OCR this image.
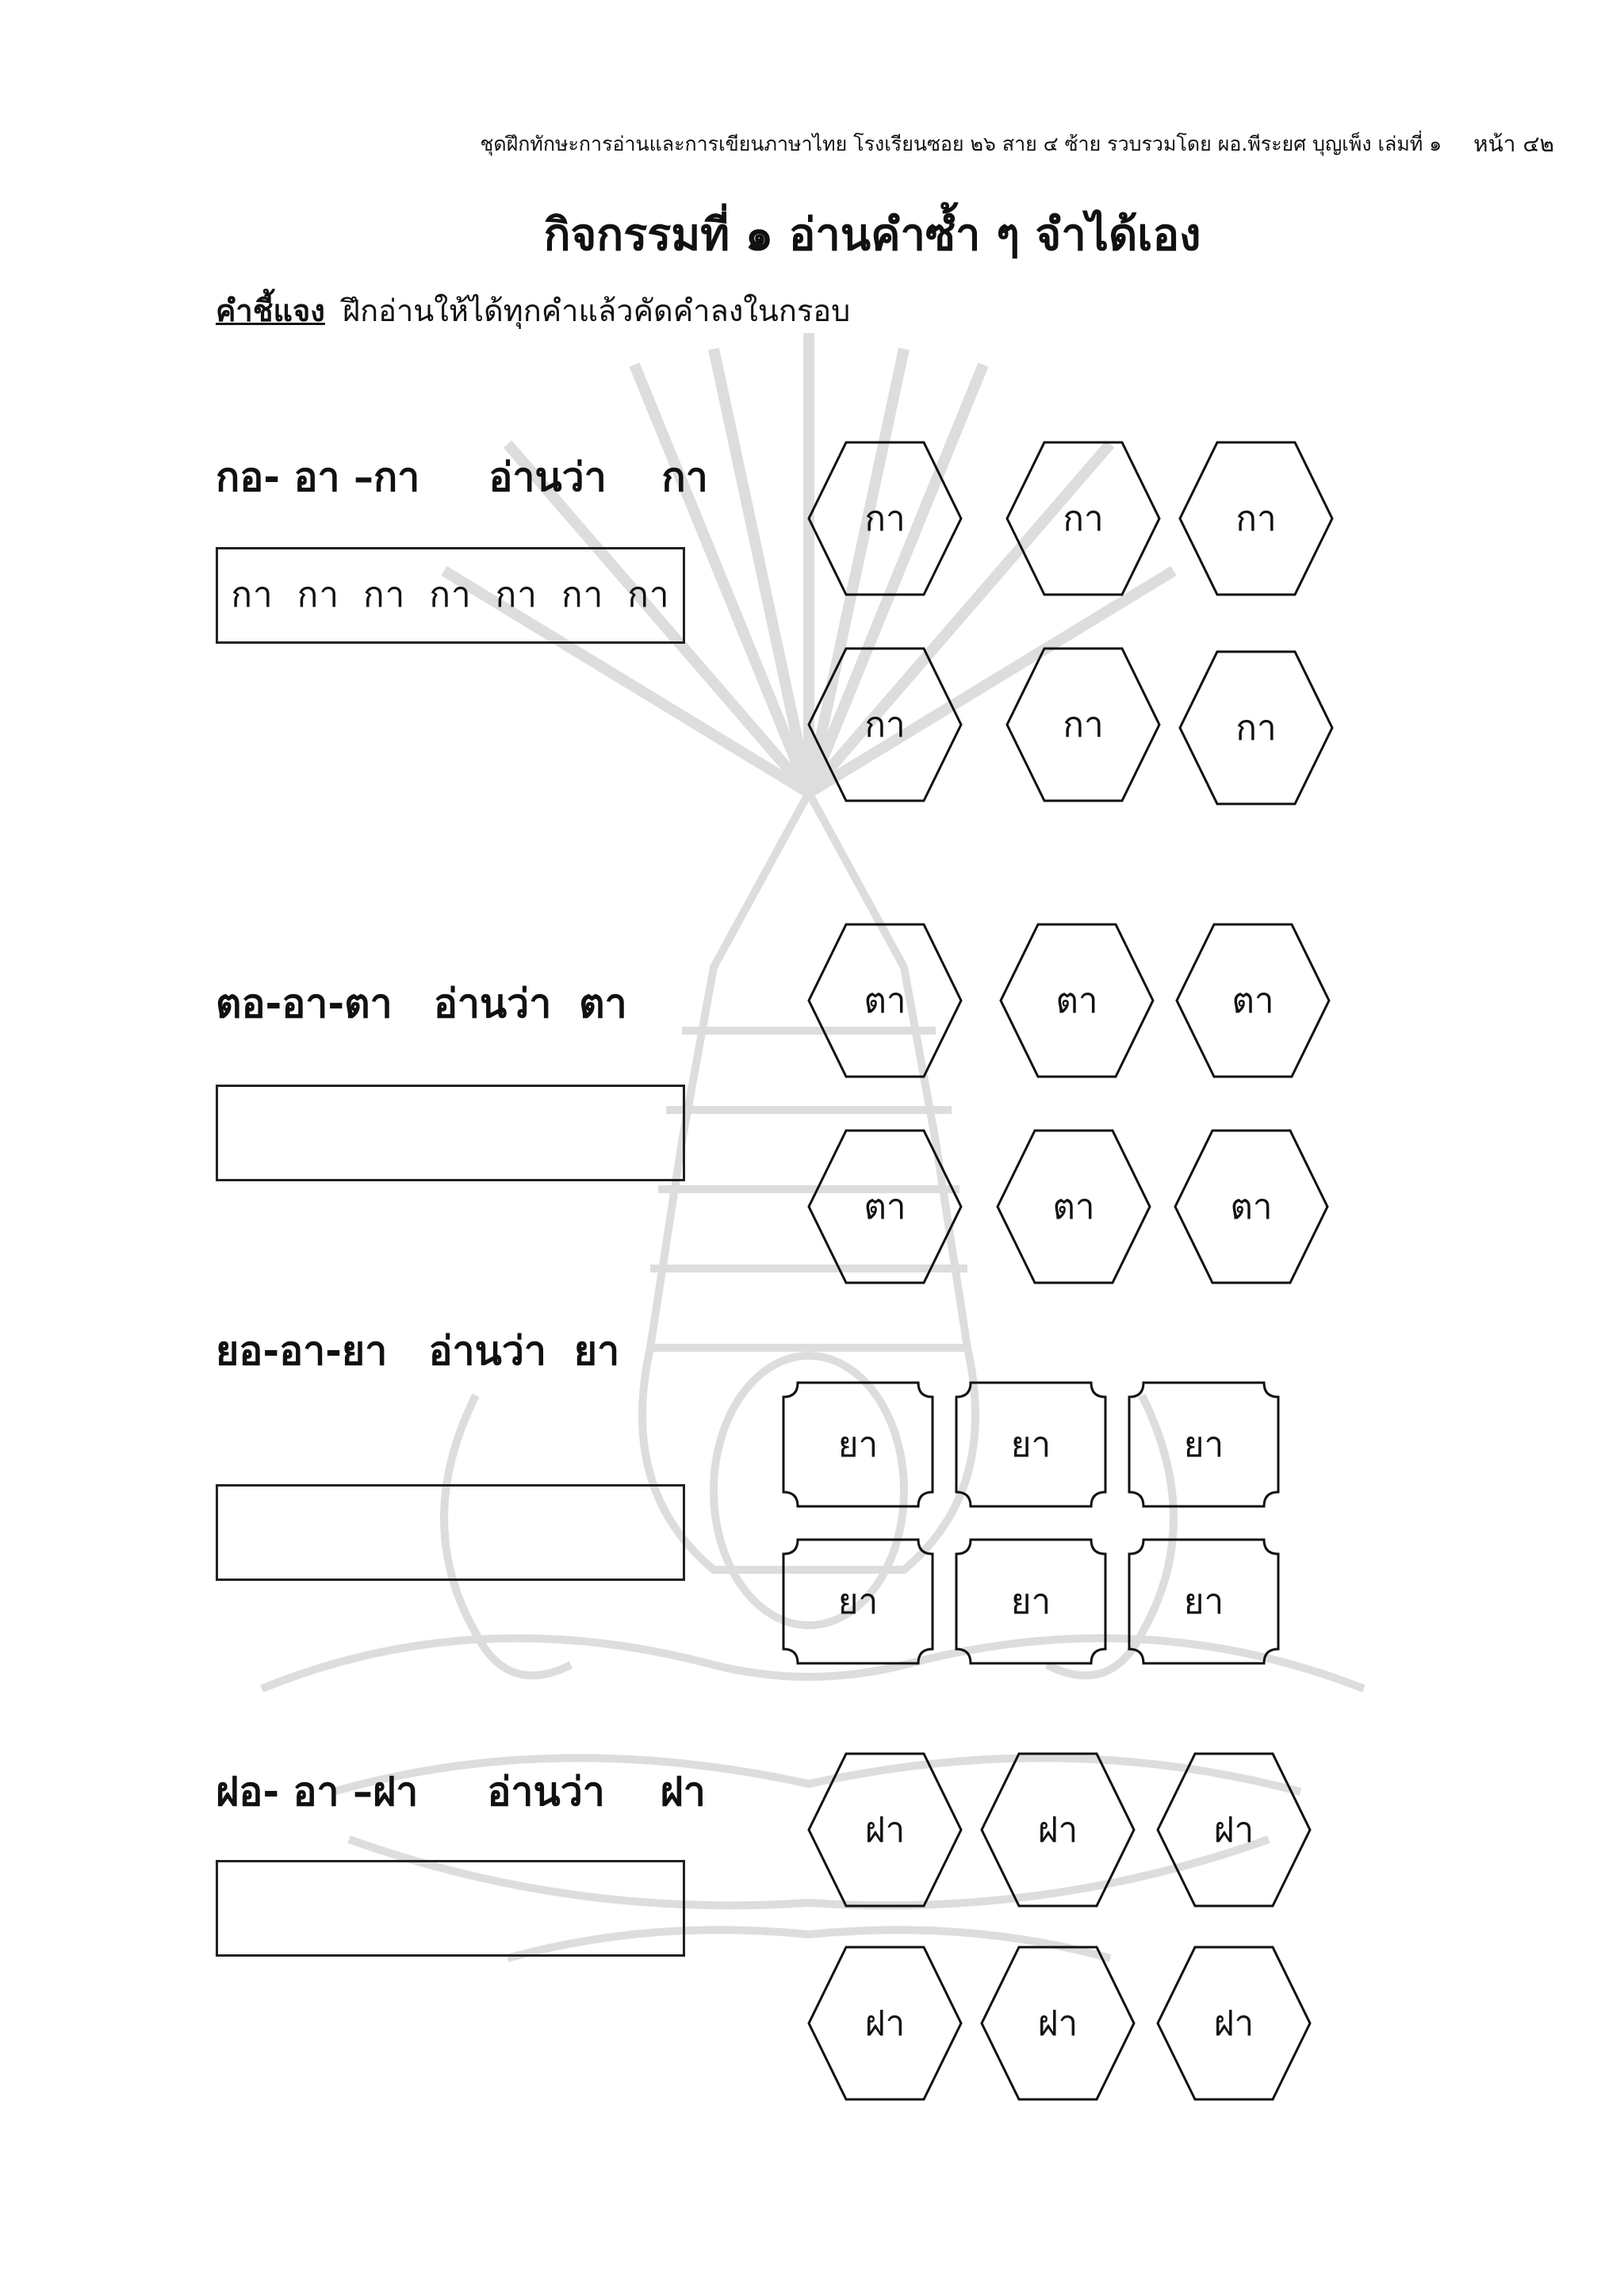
ชุดฝึกทักษะการอ่านและการเขียนภาษาไทย โรงเรียนซอย ๒๖ สาย ๔ ซ้าย รวบรวมโดย ผอ.พีระยศ บุญเพ็ง เล่มที่ ๑ หน้า ๔๒
กิจกรรมที่ ๑ อ่านคำซ้ำ ๆ จำได้เอง
คำชี้แจง ฝึกอ่านให้ได้ทุกคำแล้วคัดคำลงในกรอบ
กอ- อา –กา     อ่านว่า    กา
กา  กา  กา  กา  กา  กา  กา
กา	กา	กา
กา	กา	กา
ตอ-อา-ตา   อ่านว่า  ตา	ตา	ตา	ตา
ตา	ตา	ตา
ยอ-อา-ยา   อ่านว่า  ยา
ยา	ยา	ยา
ยา	ยา	ยา
ฝอ- อา –ฝา     อ่านว่า    ฝา
ฝา	ฝา	ฝา
ฝา	ฝา	ฝา
